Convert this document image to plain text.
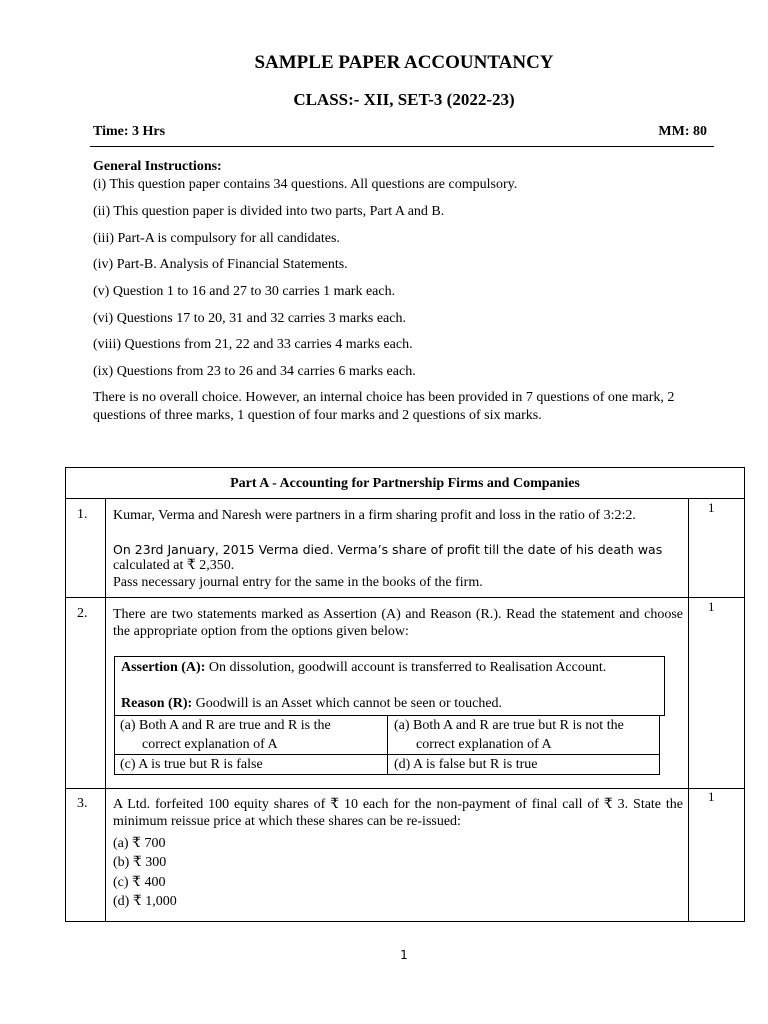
SAMPLE PAPER ACCOUNTANCY
CLASS:- XII, SET-3 (2022-23)
Time: 3 Hrs	MM: 80
General Instructions:
(i) This question paper contains 34 questions. All questions are compulsory.
(ii) This question paper is divided into two parts, Part A and B.
(iii) Part-A is compulsory for all candidates.
(iv) Part-B. Analysis of Financial Statements.
(v) Question 1 to 16 and 27 to 30 carries 1 mark each.
(vi) Questions 17 to 20, 31 and 32 carries 3 marks each.
(viii) Questions from 21, 22 and 33 carries 4 marks each.
(ix) Questions from 23 to 26 and 34 carries 6 marks each.
There is no overall choice. However, an internal choice has been provided in 7 questions of one mark, 2 questions of three marks, 1 question of four marks and 2 questions of six marks.
Part A - Accounting for Partnership Firms and Companies
1.	1
Kumar, Verma and Naresh were partners in a firm sharing profit and loss in the ratio of 3:2:2.
On 23rd January, 2015 Verma died. Verma’s share of profit till the date of his death was
calculated at ₹ 2,350.
Pass necessary journal entry for the same in the books of the firm.
2.	1
There are two statements marked as Assertion (A) and Reason (R.). Read the statement and choose the appropriate option from the options given below:
Assertion (A): On dissolution, goodwill account is transferred to Realisation Account.
Reason (R): Goodwill is an Asset which cannot be seen or touched.
(a) Both A and R are true and R is the
correct explanation of A
(a) Both A and R are true but R is not the
correct explanation of A
(c) A is true but R is false	(d) A is false but R is true
3.	1
A Ltd. forfeited 100 equity shares of ₹ 10 each for the non-payment of final call of ₹ 3. State the minimum reissue price at which these shares can be re-issued:
(a) ₹ 700
(b) ₹ 300
(c) ₹ 400
(d) ₹ 1,000
1
